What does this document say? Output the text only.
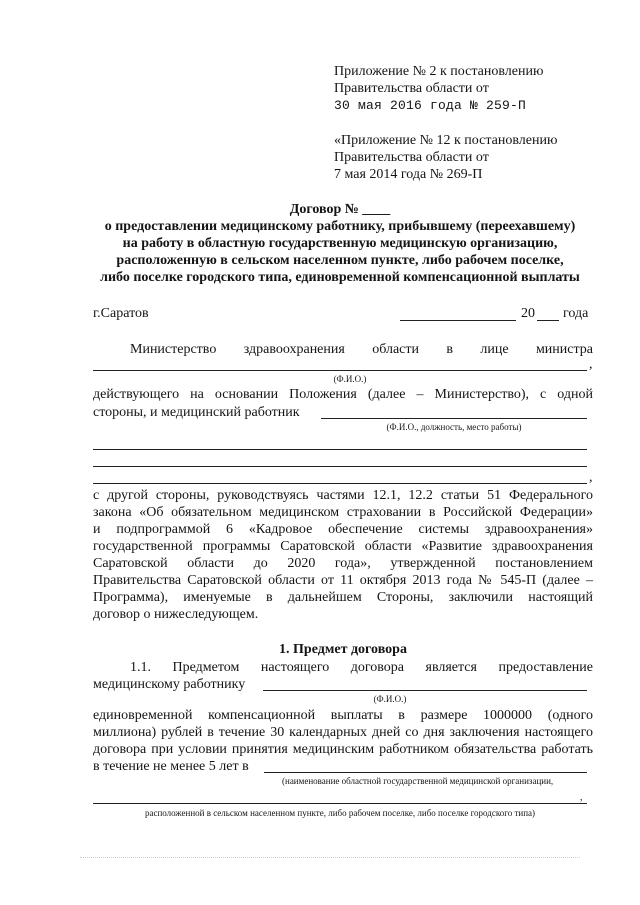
Приложение № 2 к постановлению
Правительства области от
30 мая 2016 года № 259-П
«Приложение № 12 к постановлению
Правительства области от
7 мая 2014 года № 269-П
Договор № ____
о предоставлении медицинскому работнику, прибывшему (переехавшему)
на работу в областную государственную медицинскую организацию,
расположенную в сельском населенном пункте, либо рабочем поселке,
либо поселке городского типа, единовременной компенсационной выплаты
г.Саратов	20 года
Министерство здравоохранения области в лице министра
,
(Ф.И.О.)
действующего на основании Положения (далее – Министерство), с одной
стороны, и медицинский работник
(Ф.И.О., должность, место работы)
,
с другой стороны, руководствуясь частями 12.1, 12.2 статьи 51 Федерального
закона «Об обязательном медицинском страховании в Российской Федерации»
и подпрограммой 6 «Кадровое обеспечение системы здравоохранения»
государственной программы Саратовской области «Развитие здравоохранения
Саратовской области до 2020 года», утвержденной постановлением
Правительства Саратовской области от 11 октября 2013 года № 545-П (далее –
Программа), именуемые в дальнейшем Стороны, заключили настоящий
договор о нижеследующем.
1. Предмет договора
1.1. Предметом настоящего договора является предоставление
медицинскому работнику
(Ф.И.О.)
единовременной компенсационной выплаты в размере 1000000 (одного
миллиона) рублей в течение 30 календарных дней со дня заключения настоящего
договора при условии принятия медицинским работником обязательства работать
в течение не менее 5 лет в
(наименование областной государственной медицинской организации,
,
расположенной в сельском населенном пункте, либо рабочем поселке, либо поселке городского типа)
